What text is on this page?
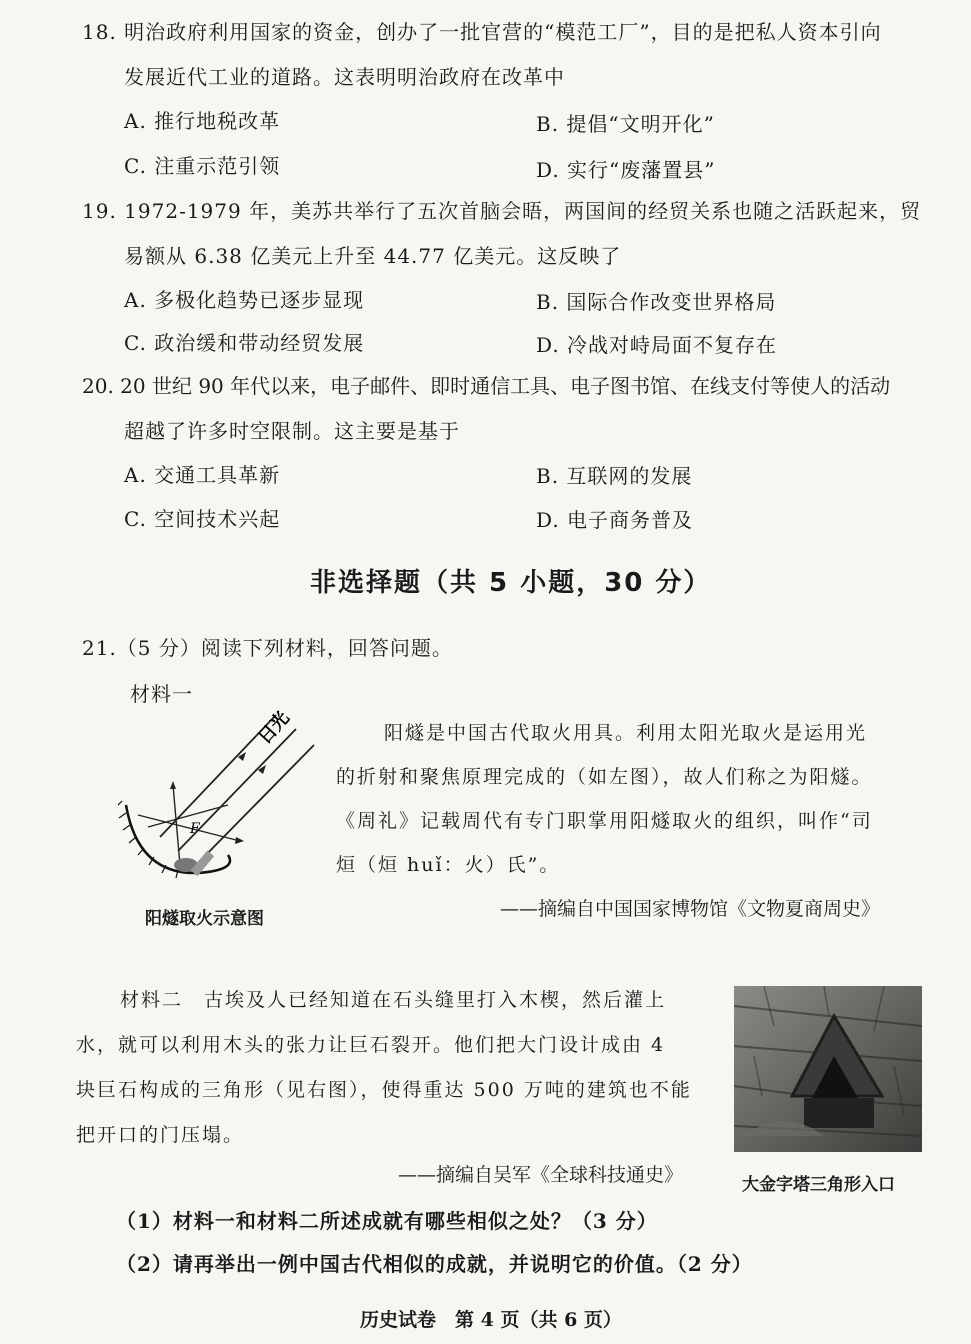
18. 明治政府利用国家的资金，创办了一批官营的“模范工厂”，目的是把私人资本引向
发展近代工业的道路。这表明明治政府在改革中
A. 推行地税改革	B. 提倡“文明开化”
C. 注重示范引领	D. 实行“废藩置县”
19. 1972-1979 年，美苏共举行了五次首脑会晤，两国间的经贸关系也随之活跃起来，贸
易额从 6.38 亿美元上升至 44.77 亿美元。这反映了
A. 多极化趋势已逐步显现	B. 国际合作改变世界格局
C. 政治缓和带动经贸发展	D. 冷战对峙局面不复存在
20. 20 世纪 90 年代以来，电子邮件、即时通信工具、电子图书馆、在线支付等使人的活动
超越了许多时空限制。这主要是基于
A. 交通工具革新	B. 互联网的发展
C. 空间技术兴起	D. 电子商务普及
非选择题（共 5 小题，30 分）
21.（5 分）阅读下列材料，回答问题。
材料一
日光
F
阳燧取火示意图
阳燧是中国古代取火用具。利用太阳光取火是运用光
的折射和聚焦原理完成的（如左图），故人们称之为阳燧。
《周礼》记载周代有专门职掌用阳燧取火的组织，叫作“司
烜（烜 huǐ：火）氏”。
——摘编自中国国家博物馆《文物夏商周史》
材料二　古埃及人已经知道在石头缝里打入木楔，然后灌上
水，就可以利用木头的张力让巨石裂开。他们把大门设计成由 4
块巨石构成的三角形（见右图），使得重达 500 万吨的建筑也不能
把开口的门压塌。
——摘编自吴军《全球科技通史》	大金字塔三角形入口
（1）材料一和材料二所述成就有哪些相似之处？（3 分）
（2）请再举出一例中国古代相似的成就，并说明它的价值。（2 分）
历史试卷　第 4 页（共 6 页）
